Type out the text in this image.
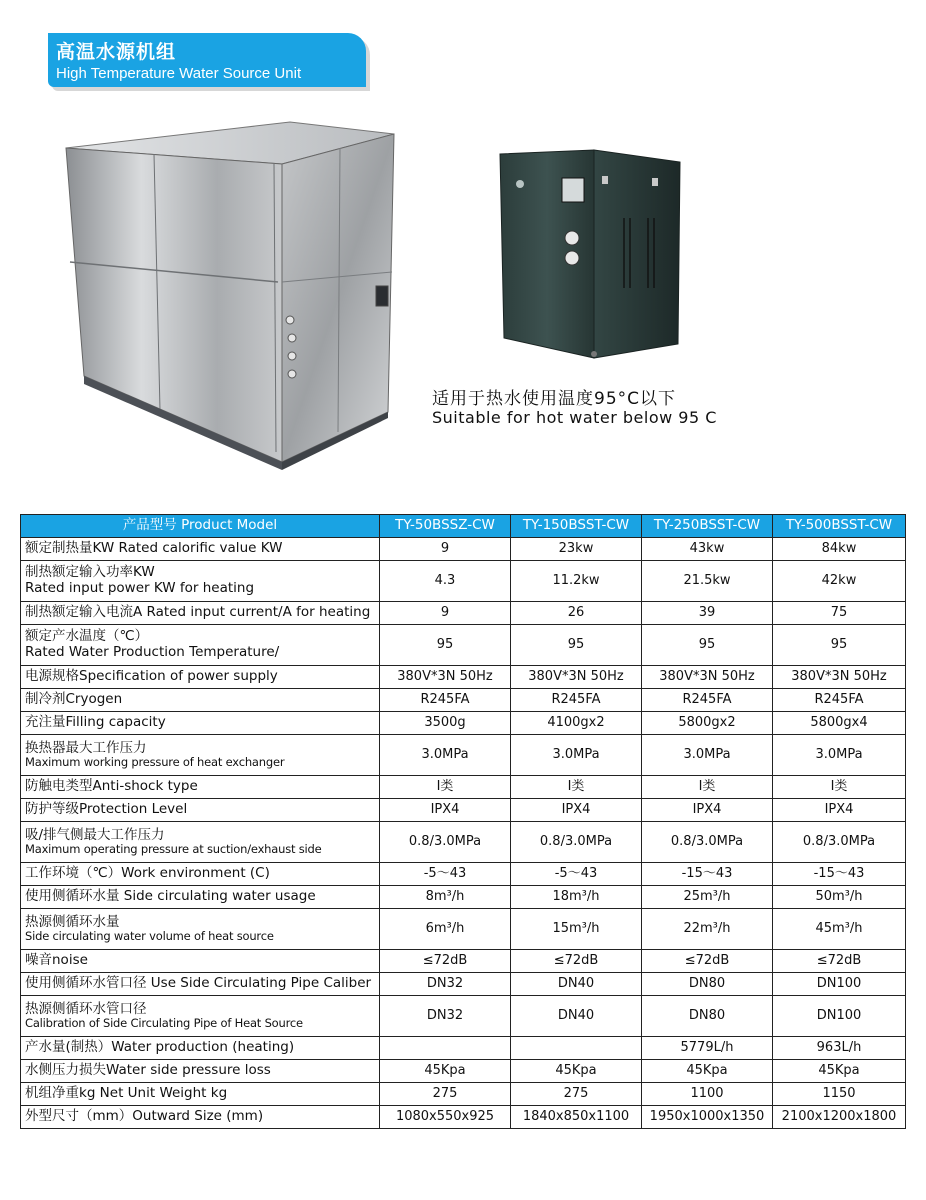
高温水源机组
High Temperature Water Source Unit
适用于热水使用温度95°C以下
Suitable for hot water below 95 C
产品型号 Product Model	TY-50BSSZ-CW	TY-150BSST-CW	TY-250BSST-CW	TY-500BSST-CW

额定制热量KW Rated calorific value KW	9	23kw	43kw	84kw

制热额定输入功率KW
Rated input power KW for heating	4.3	11.2kw	21.5kw	42kw

制热额定输入电流A Rated input current/A for heating	9	26	39	75

额定产水温度（℃）
Rated Water Production Temperature/	95	95	95	95

电源规格Specification of power supply	380V*3N 50Hz	380V*3N 50Hz	380V*3N 50Hz	380V*3N 50Hz

制冷剂Cryogen	R245FA	R245FA	R245FA	R245FA

充注量Filling capacity	3500g	4100gx2	5800gx2	5800gx4

换热器最大工作压力
Maximum working pressure of heat exchanger	3.0MPa	3.0MPa	3.0MPa	3.0MPa

防触电类型Anti-shock type	I类	I类	I类	I类

防护等级Protection Level	IPX4	IPX4	IPX4	IPX4

吸/排气侧最大工作压力
Maximum operating pressure at suction/exhaust side	0.8/3.0MPa	0.8/3.0MPa	0.8/3.0MPa	0.8/3.0MPa

工作环境（℃）Work environment (C)	-5～43	-5～43	-15～43	-15～43

使用侧循环水量 Side circulating water usage	8m³/h	18m³/h	25m³/h	50m³/h

热源侧循环水量
Side circulating water volume of heat source	6m³/h	15m³/h	22m³/h	45m³/h

噪音noise	≤72dB	≤72dB	≤72dB	≤72dB

使用侧循环水管口径 Use Side Circulating Pipe Caliber	DN32	DN40	DN80	DN100

热源侧循环水管口径
Calibration of Side Circulating Pipe of Heat Source	DN32	DN40	DN80	DN100

产水量(制热）Water production (heating)			5779L/h	963L/h

水侧压力损失Water side pressure loss	45Kpa	45Kpa	45Kpa	45Kpa

机组净重kg Net Unit Weight kg	275	275	1100	1150

外型尺寸（mm）Outward Size (mm)	1080x550x925	1840x850x1100	1950x1000x1350	2100x1200x1800
